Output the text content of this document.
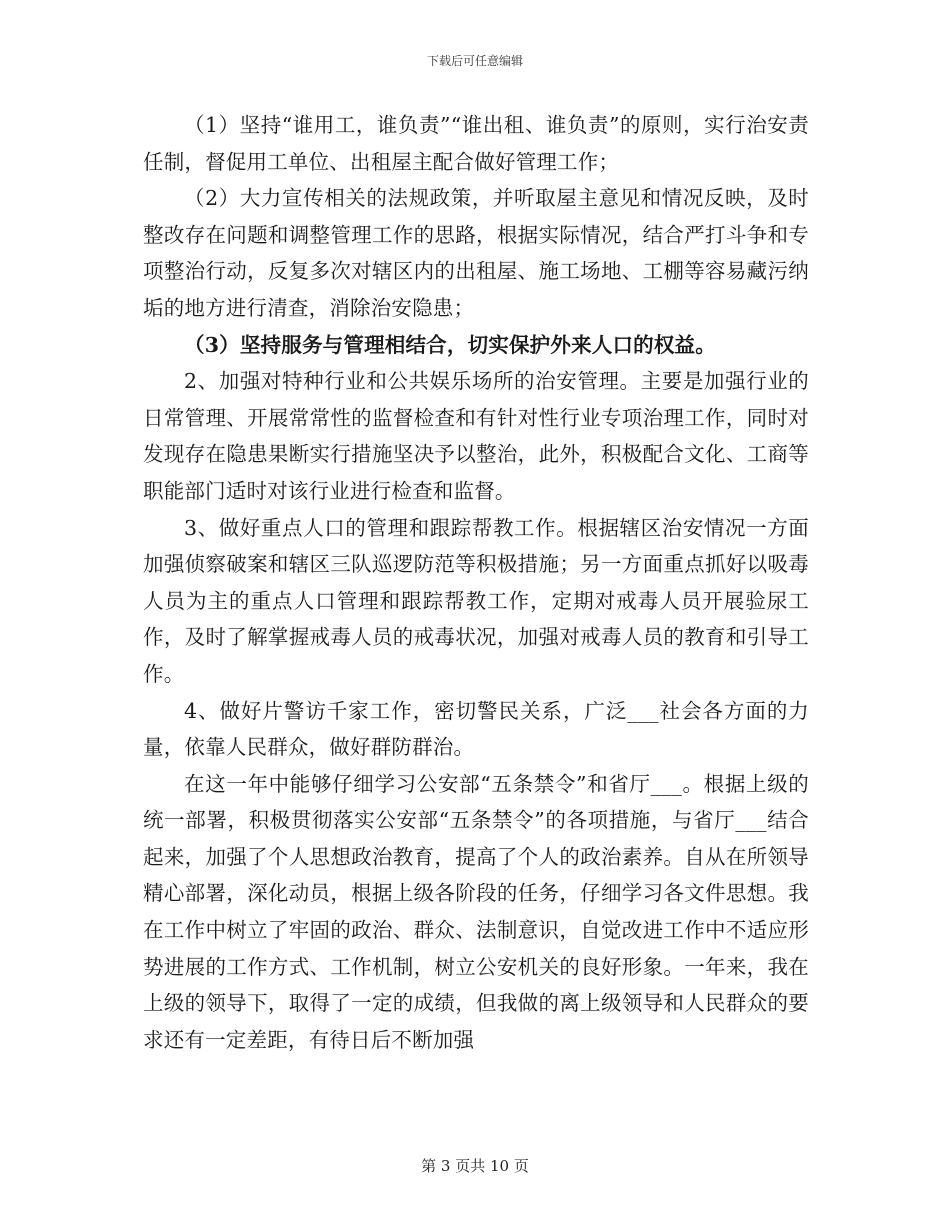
下载后可任意编辑

（1）坚持“谁用工，谁负责”“谁出租、谁负责”的原则，实行治安责任制，督促用工单位、出租屋主配合做好管理工作；

（2）大力宣传相关的法规政策，并听取屋主意见和情况反映，及时整改存在问题和调整管理工作的思路，根据实际情况，结合严打斗争和专项整治行动，反复多次对辖区内的出租屋、施工场地、工棚等容易藏污纳垢的地方进行清查，消除治安隐患；

（3）坚持服务与管理相结合，切实保护外来人口的权益。

2、加强对特种行业和公共娱乐场所的治安管理。主要是加强行业的日常管理、开展常常性的监督检查和有针对性行业专项治理工作，同时对发现存在隐患果断实行措施坚决予以整治，此外，积极配合文化、工商等职能部门适时对该行业进行检查和监督。

3、做好重点人口的管理和跟踪帮教工作。根据辖区治安情况一方面加强侦察破案和辖区三队巡逻防范等积极措施；另一方面重点抓好以吸毒人员为主的重点人口管理和跟踪帮教工作，定期对戒毒人员开展验尿工作，及时了解掌握戒毒人员的戒毒状况，加强对戒毒人员的教育和引导工作。

4、做好片警访千家工作，密切警民关系，广泛___社会各方面的力量，依靠人民群众，做好群防群治。

在这一年中能够仔细学习公安部“五条禁令”和省厅___。根据上级的统一部署，积极贯彻落实公安部“五条禁令”的各项措施，与省厅___结合起来，加强了个人思想政治教育，提高了个人的政治素养。自从在所领导精心部署，深化动员，根据上级各阶段的任务，仔细学习各文件思想。我在工作中树立了牢固的政治、群众、法制意识，自觉改进工作中不适应形势进展的工作方式、工作机制，树立公安机关的良好形象。一年来，我在上级的领导下，取得了一定的成绩，但我做的离上级领导和人民群众的要求还有一定差距，有待日后不断加强

第 3 页共 10 页
